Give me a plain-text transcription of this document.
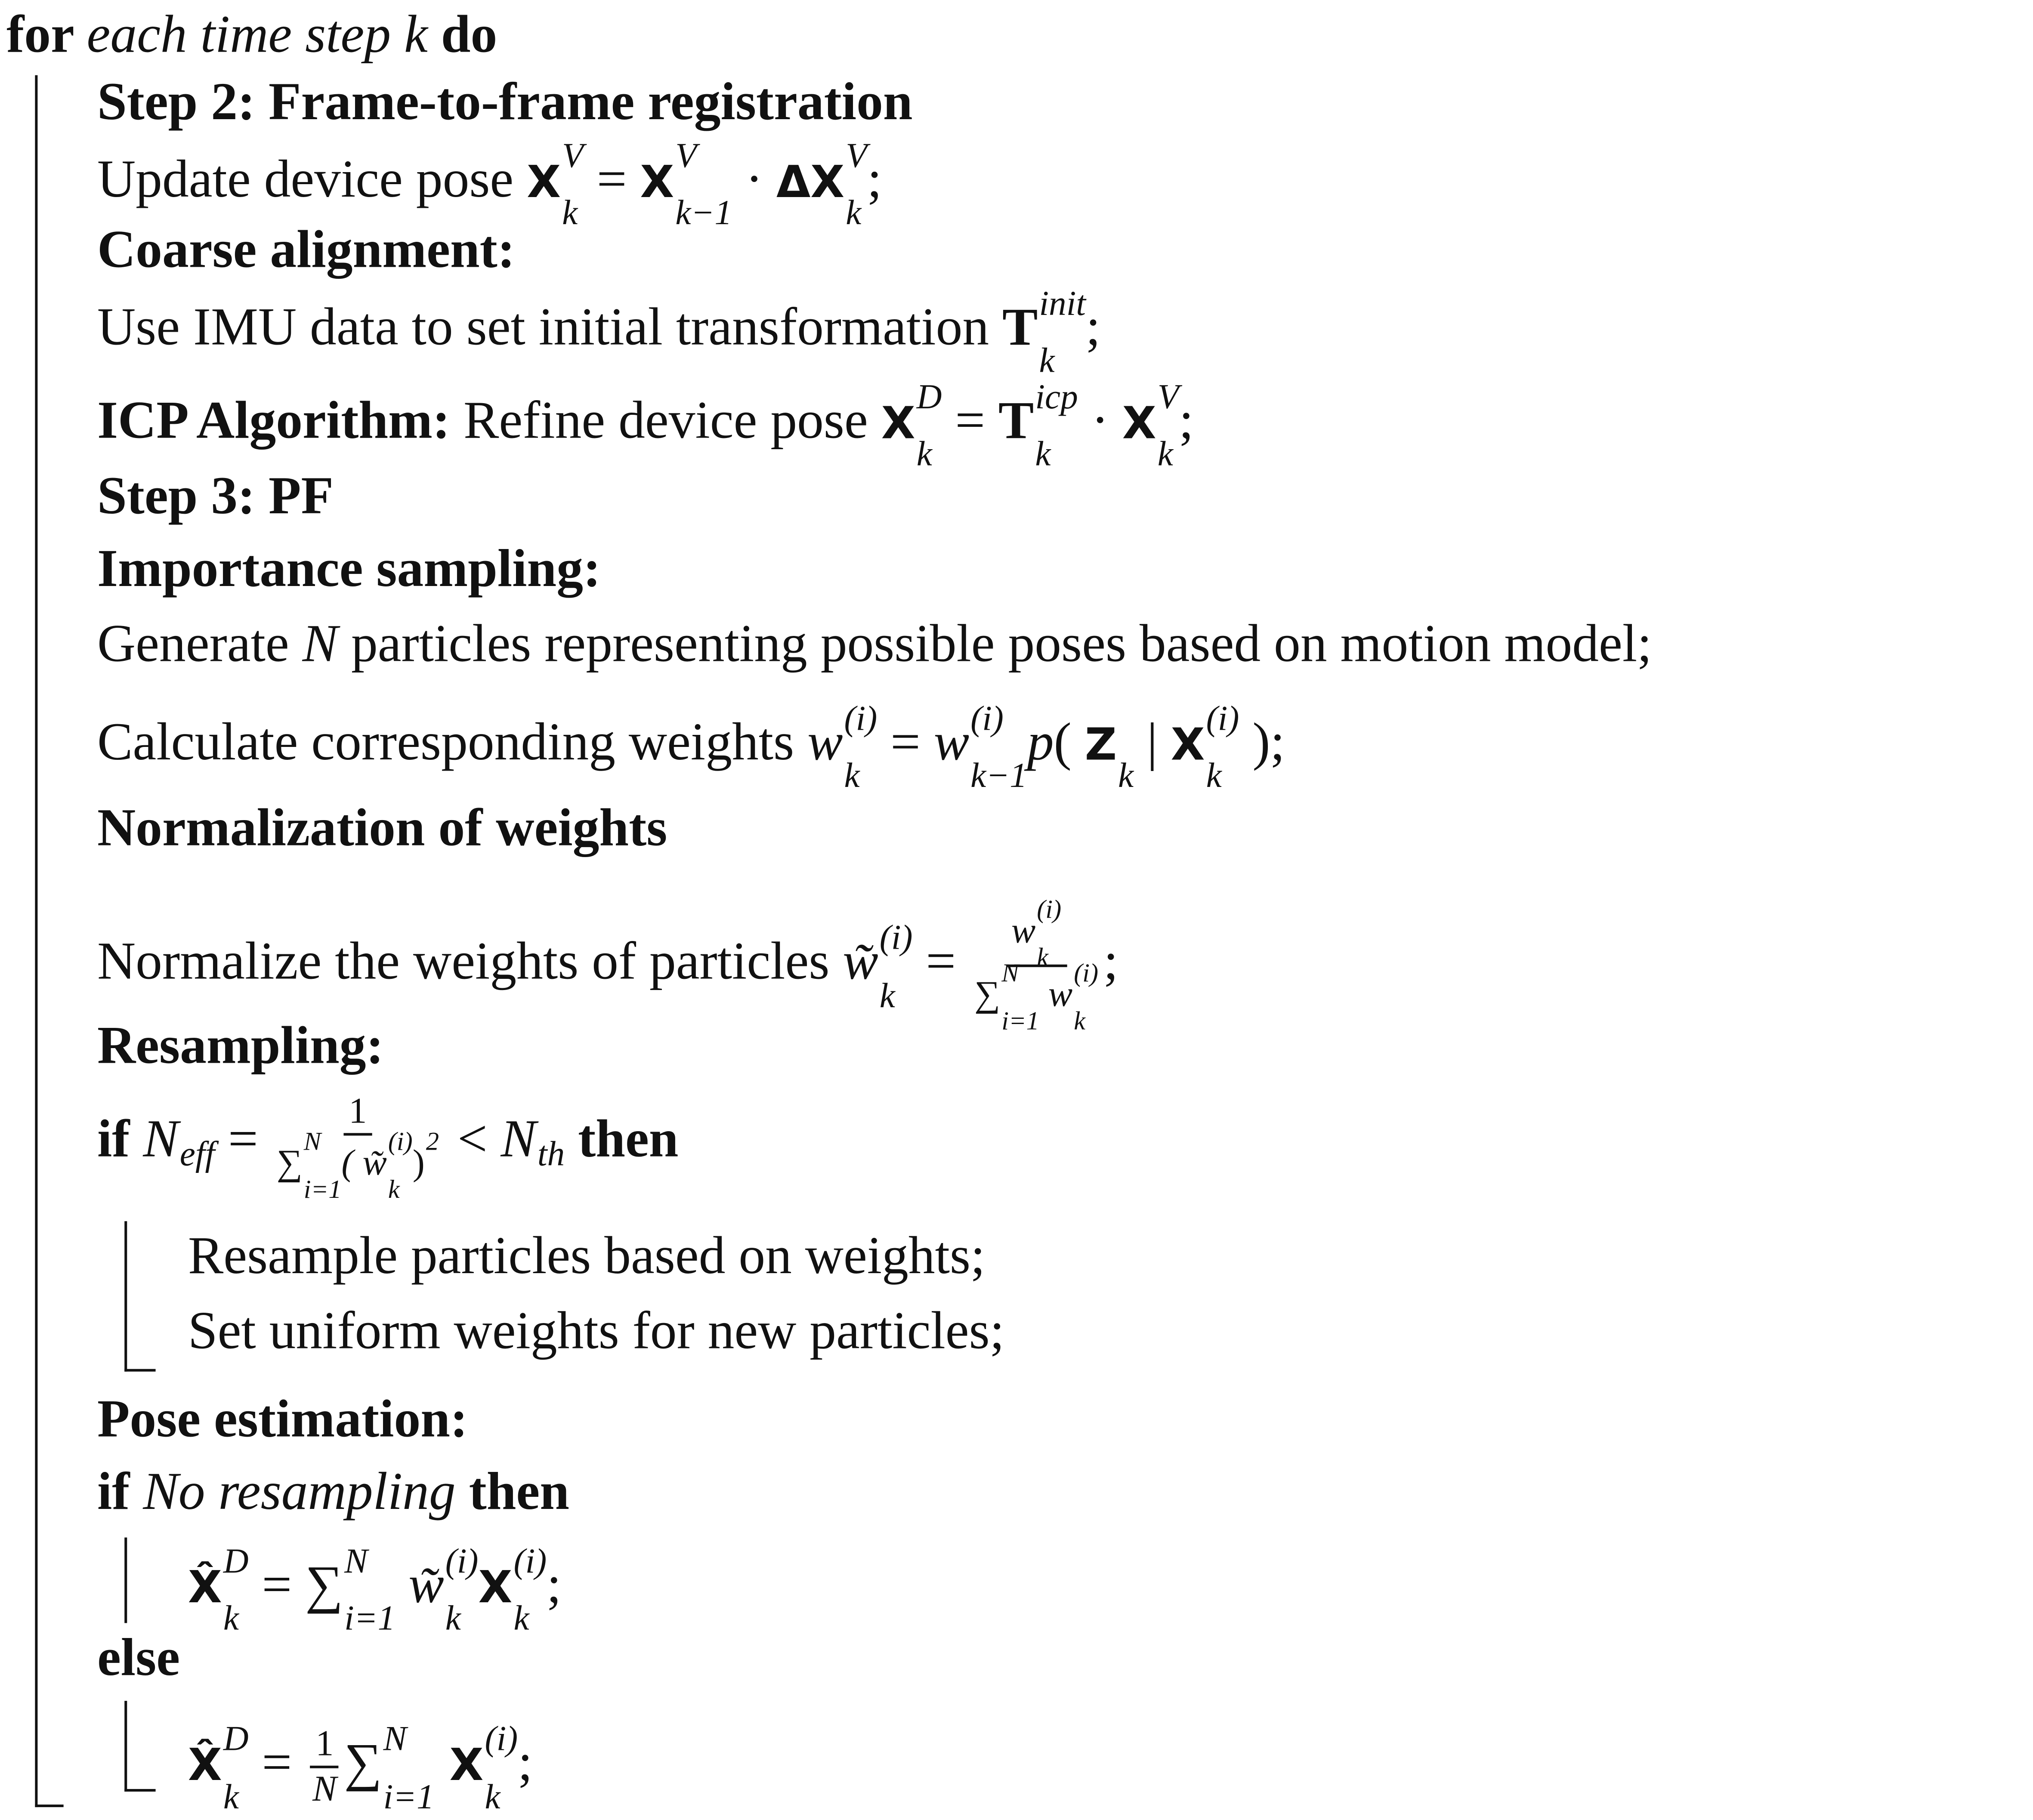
for each time step k do
Step 2: Frame-to-frame registration
Update device pose X
V
k
= X
V
k−1
· ΔX
V
k
;
Coarse alignment:
Use IMU data to set initial transformation T init
k
;
ICP Algorithm: Refine device pose X
D
k
= T icp
k
· X
V
k
;
Step 3: PF
Importance sampling:
Generate N particles representing possible poses based on motion model;
Calculate corresponding weights w (i)
k
= w (i)
k−1
p( Z

k
| X
(i)
k
);
Normalization of weights
Normalize the weights of particles w̃ (i)
k
= w
(i)
k
∑
N
i=1
w
(i)
k ;
Resampling:
if N eff = 1
∑
N
i=1
( w̃
(i)
k
)
2
< N th then
Resample particles based on weights;
Set uniform weights for new particles;
Pose estimation:
if No resampling then
X̂
D
k
= ∑ N
i=1
w̃ (i)
k
X
(i)
k
;
else
X̂
D
k
= $\frac{1}{N}$ ∑ N
i=1
X
(i)
k
;
